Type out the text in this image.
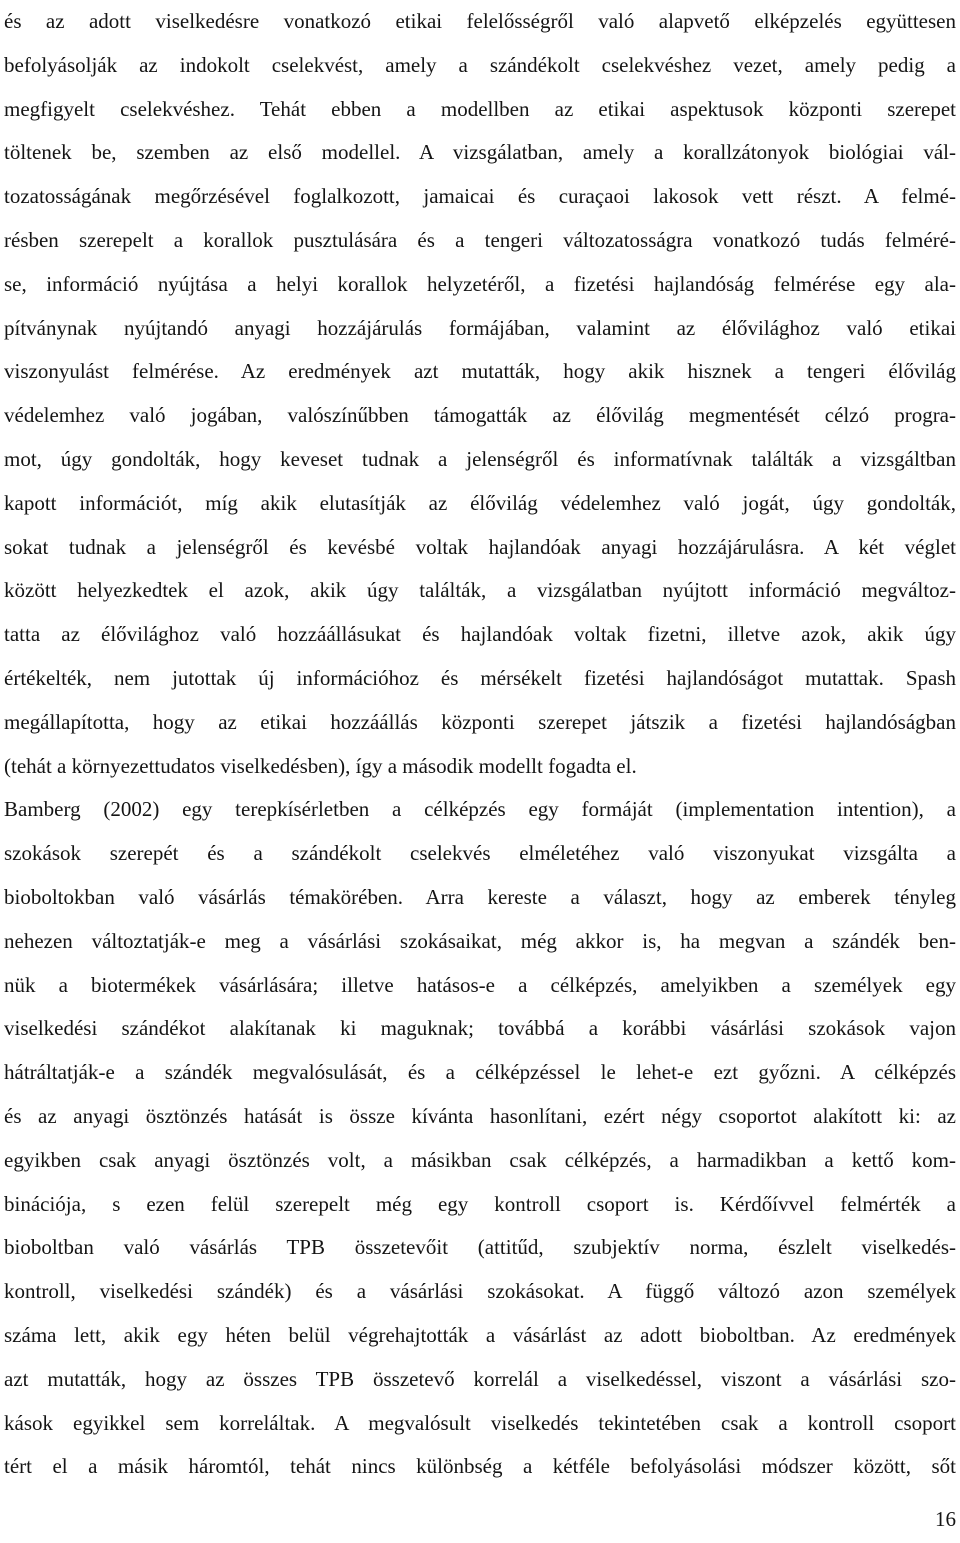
és az adott viselkedésre vonatkozó etikai felelősségről való alapvető elképzelés együttesen
befolyásolják az indokolt cselekvést, amely a szándékolt cselekvéshez vezet, amely pedig a
megfigyelt cselekvéshez. Tehát ebben a modellben az etikai aspektusok központi szerepet
töltenek be, szemben az első modellel. A vizsgálatban, amely a korallzátonyok biológiai vál-
tozatosságának megőrzésével foglalkozott, jamaicai és curaçaoi lakosok vett részt. A felmé-
résben szerepelt a korallok pusztulására és a tengeri változatosságra vonatkozó tudás felméré-
se, információ nyújtása a helyi korallok helyzetéről, a fizetési hajlandóság felmérése egy ala-
pítványnak nyújtandó anyagi hozzájárulás formájában, valamint az élővilághoz való etikai
viszonyulást felmérése. Az eredmények azt mutatták, hogy akik hisznek a tengeri élővilág
védelemhez való jogában, valószínűbben támogatták az élővilág megmentését célzó progra-
mot, úgy gondolták, hogy keveset tudnak a jelenségről és informatívnak találták a vizsgáltban
kapott információt, míg akik elutasítják az élővilág védelemhez való jogát, úgy gondolták,
sokat tudnak a jelenségről és kevésbé voltak hajlandóak anyagi hozzájárulásra. A két véglet
között helyezkedtek el azok, akik úgy találták, a vizsgálatban nyújtott információ megváltoz-
tatta az élővilághoz való hozzáállásukat és hajlandóak voltak fizetni, illetve azok, akik úgy
értékelték, nem jutottak új információhoz és mérsékelt fizetési hajlandóságot mutattak. Spash
megállapította, hogy az etikai hozzáállás központi szerepet játszik a fizetési hajlandóságban
(tehát a környezettudatos viselkedésben), így a második modellt fogadta el.
Bamberg (2002) egy terepkísérletben a célképzés egy formáját (implementation intention), a
szokások szerepét és a szándékolt cselekvés elméletéhez való viszonyukat vizsgálta a
bioboltokban való vásárlás témakörében. Arra kereste a választ, hogy az emberek tényleg
nehezen változtatják-e meg a vásárlási szokásaikat, még akkor is, ha megvan a szándék ben-
nük a biotermékek vásárlására; illetve hatásos-e a célképzés, amelyikben a személyek egy
viselkedési szándékot alakítanak ki maguknak; továbbá a korábbi vásárlási szokások vajon
hátráltatják-e a szándék megvalósulását, és a célképzéssel le lehet-e ezt győzni. A célképzés
és az anyagi ösztönzés hatását is össze kívánta hasonlítani, ezért négy csoportot alakított ki: az
egyikben csak anyagi ösztönzés volt, a másikban csak célképzés, a harmadikban a kettő kom-
binációja, s ezen felül szerepelt még egy kontroll csoport is. Kérdőívvel felmérték a
bioboltban való vásárlás TPB összetevőit (attitűd, szubjektív norma, észlelt viselkedés-
kontroll, viselkedési szándék) és a vásárlási szokásokat. A függő változó azon személyek
száma lett, akik egy héten belül végrehajtották a vásárlást az adott bioboltban. Az eredmények
azt mutatták, hogy az összes TPB összetevő korrelál a viselkedéssel, viszont a vásárlási szo-
kások egyikkel sem korreláltak. A megvalósult viselkedés tekintetében csak a kontroll csoport
tért el a másik háromtól, tehát nincs különbség a kétféle befolyásolási módszer között, sőt
16
